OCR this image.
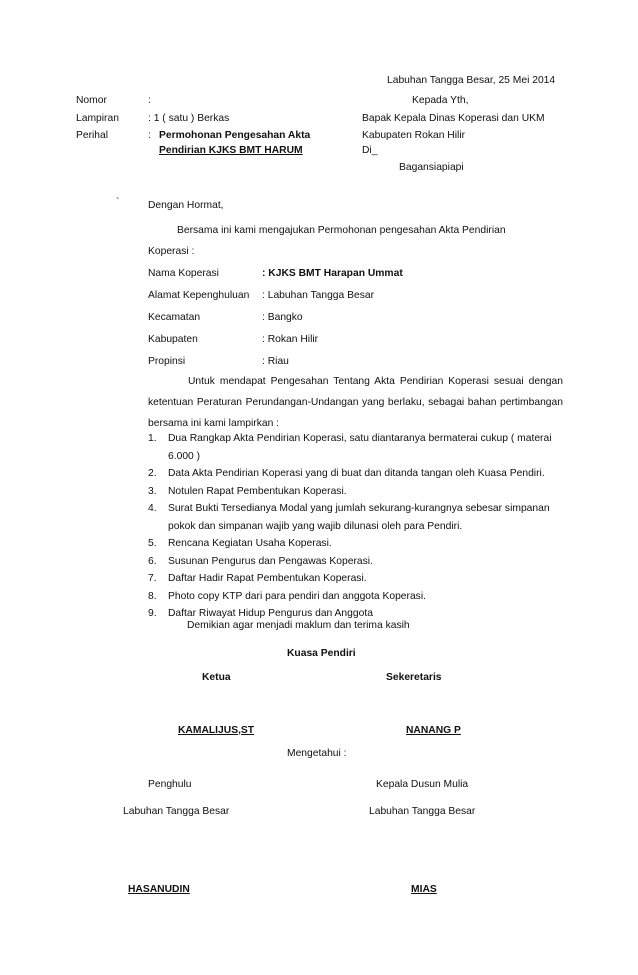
Labuhan Tangga Besar, 25 Mei 2014
Nomor	:
Lampiran	: 1 ( satu ) Berkas
Perihal	: Permohonan Pengesahan Akta
Pendirian KJKS BMT HARUM
Kepada Yth,
Bapak Kepala Dinas Koperasi dan UKM
Kabupaten Rokan Hilir
Di_
Bagansiapiapi
`	Dengan Hormat,
Bersama ini kami mengajukan Permohonan pengesahan Akta Pendirian
Koperasi :
Nama Koperasi	: KJKS BMT Harapan Ummat
Alamat Kepenghuluan : Labuhan Tangga Besar
Kecamatan	: Bangko
Kabupaten	: Rokan Hilir
Propinsi	: Riau
Untuk mendapat Pengesahan Tentang Akta Pendirian Koperasi sesuai dengan ketentuan Peraturan Perundangan-Undangan yang berlaku, sebagai bahan pertimbangan bersama ini kami lampirkan :
1. Dua Rangkap Akta Pendirian Koperasi, satu diantaranya bermaterai cukup ( materai 6.000 )
2. Data Akta Pendirian Koperasi yang di buat dan ditanda tangan oleh Kuasa Pendiri.
3. Notulen Rapat Pembentukan Koperasi.
4. Surat Bukti Tersedianya Modal yang jumlah sekurang-kurangnya sebesar simpanan pokok dan simpanan wajib yang wajib dilunasi oleh para Pendiri.
5. Rencana Kegiatan Usaha Koperasi.
6. Susunan Pengurus dan Pengawas Koperasi.
7. Daftar Hadir Rapat Pembentukan Koperasi.
8. Photo copy KTP dari para pendiri dan anggota Koperasi.
9. Daftar Riwayat Hidup Pengurus dan Anggota
Demikian agar menjadi maklum dan terima kasih
Kuasa Pendiri
Ketua	Sekeretaris
KAMALIJUS,ST	NANANG P
Mengetahui :
Penghulu	Kepala Dusun Mulia
Labuhan Tangga Besar	Labuhan Tangga Besar
HASANUDIN	MIAS
